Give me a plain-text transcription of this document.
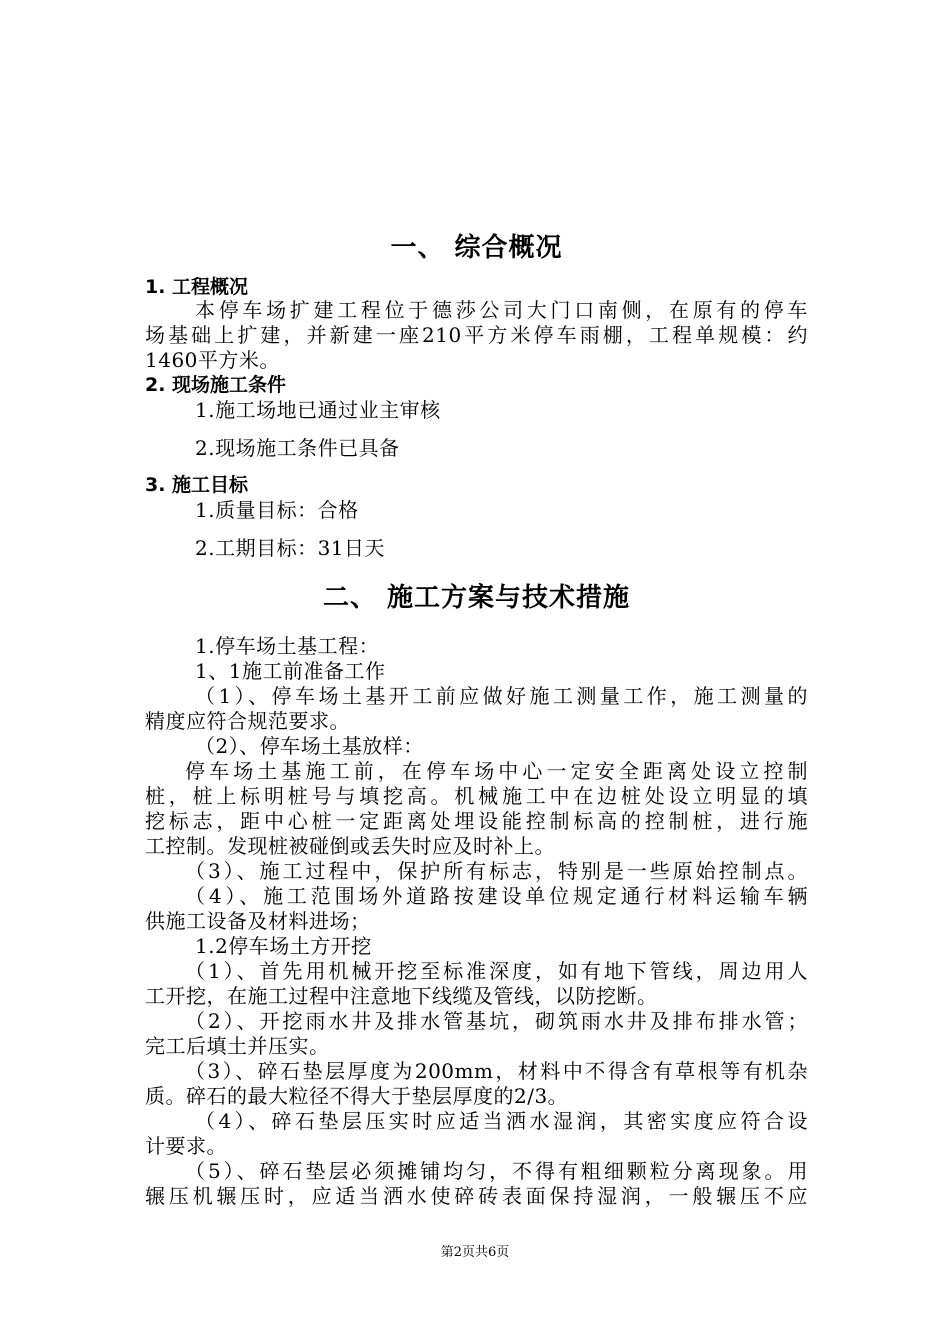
一、 综合概况
1. 工程概况
本停车场扩建工程位于德莎公司大门口南侧，在原有的停车
场基础上扩建，并新建一座210平方米停车雨棚，工程单规模：约
1460平方米。
2. 现场施工条件
1.施工场地已通过业主审核
2.现场施工条件已具备
3. 施工目标
1.质量目标：合格
2.工期目标：31日天
二、 施工方案与技术措施
1.停车场土基工程：
1、1施工前准备工作
（1）、停车场土基开工前应做好施工测量工作，施工测量的
精度应符合规范要求。
（2）、停车场土基放样：
停车场土基施工前，在停车场中心一定安全距离处设立控制
桩，桩上标明桩号与填挖高。机械施工中在边桩处设立明显的填
挖标志，距中心桩一定距离处埋设能控制标高的控制桩，进行施
工控制。发现桩被碰倒或丢失时应及时补上。
（3）、施工过程中，保护所有标志，特别是一些原始控制点。
（4）、施工范围场外道路按建设单位规定通行材料运输车辆
供施工设备及材料进场；
1.2停车场土方开挖
（1）、首先用机械开挖至标准深度，如有地下管线，周边用人
工开挖，在施工过程中注意地下线缆及管线，以防挖断。
（2）、开挖雨水井及排水管基坑，砌筑雨水井及排布排水管；
完工后填土并压实。
（3）、碎石垫层厚度为200mm，材料中不得含有草根等有机杂
质。碎石的最大粒径不得大于垫层厚度的2/3。
（4）、碎石垫层压实时应适当洒水湿润，其密实度应符合设
计要求。
（5）、碎石垫层必须摊铺均匀，不得有粗细颗粒分离现象。用
辗压机辗压时，应适当洒水使碎砖表面保持湿润，一般辗压不应
第2页共6页
